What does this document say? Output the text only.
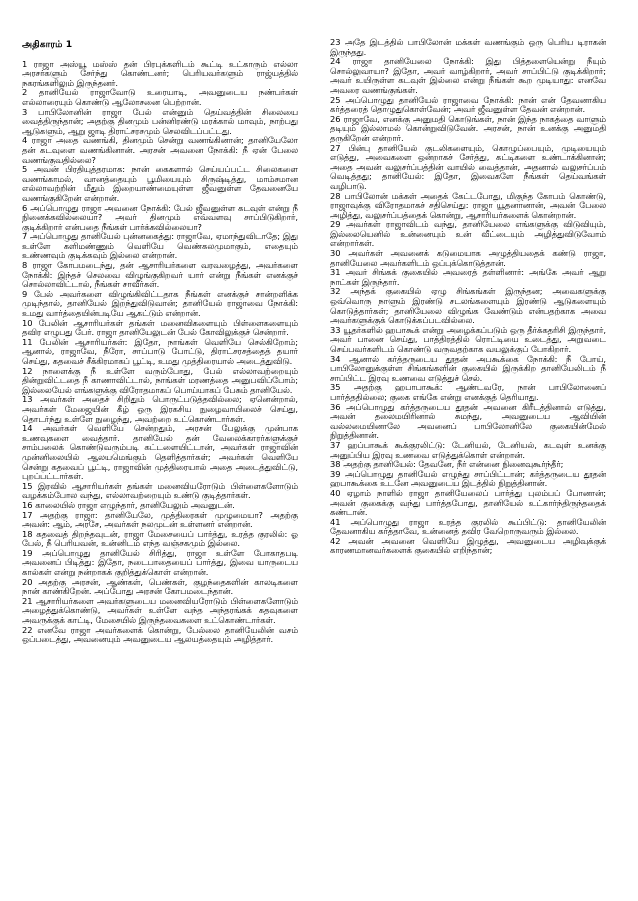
அதிகாரம் 1

1 ராஜா அஸ்யூ மஸ்ஸ் தன் பிரபுக்களிடம் கூட்டி உட்காரும் எல்லா அரசர்களும் சேர்ந்து கொண்டனர்; பெரியவர்களும் ராஜ்யத்தில் நகரங்களிலும் இருந்தனர்.

2 தானியேல் ராஜாவோடு உரையாடி, அவனுடைய நண்பர்கள் எல்லாரையும் கொண்டு ஆலோசனை பெற்றான்.

3 பாபிலோனின் ராஜா பேல் என்னும் தெய்வத்தின் சிலையை வைத்திருந்தான்; அதற்கு தினமும் பன்னிரண்டு மரக்கால் மாவும், நாற்பது ஆடுகளும், ஆறு ஜாடி திராட்சரசமும் செலவிடப்பட்டது.

4 ராஜா அதை வணங்கி, தினமும் சென்று வணங்கினான்; தானியேலோ தன் கடவுளை வணங்கினான். அரசன் அவனை நோக்கி: நீ ஏன் பேலை வணங்குவதில்லை?

5 அவன் பிரதியுத்தரமாக: நான் கைகளால் செய்யப்பட்ட சிலைகளை வணங்காமல், வானத்தையும் பூமியையும் சிருஷ்டித்து, மாம்சமான எல்லாவற்றின் மீதும் இறையாண்மையுள்ள ஜீவனுள்ள தேவனையே வணங்குகிறேன் என்றான்.

6 அப்பொழுது ராஜா அவனை நோக்கி: பேல் ஜீவனுள்ள கடவுள் என்று நீ நினைக்கவில்லையா? அவர் தினமும் எவ்வளவு சாப்பிடுகிறார், குடிக்கிறார் என்பதை நீங்கள் பார்க்கவில்லையா?

7 அப்பொழுது தானியேல் புன்னகைத்து: ராஜாவே, ஏமாந்துவிடாதே; இது உள்ளே களிமண்ணும் வெளியே வெண்கலமுமாகும், எதையும் உண்ணவும் குடிக்கவும் இல்லை என்றான்.

8 ராஜா கோபமடைந்து, தன் ஆசாரியர்களை வரவழைத்து, அவர்களை நோக்கி: இந்தச் செலவை விழுங்குகிறவர் யார் என்று நீங்கள் எனக்குச் சொல்லாவிட்டால், நீங்கள் சாவீர்கள்.

9 பேல் அவர்களை விழுங்கிவிட்டதாக நீங்கள் எனக்குச் சான்றளிக்க முடிந்தால், தானியேல் இறந்துவிடுவான்; தானியேல் ராஜாவை நோக்கி: உமது வார்த்தையின்படியே ஆகட்டும் என்றான்.

10 பேலின் ஆசாரியர்கள் தங்கள் மனைவிகளையும் பிள்ளைகளையும் தவிர எழுபது பேர். ராஜா தானியேலுடன் பேல் கோவிலுக்குச் சென்றார்.

11 பேலின் ஆசாரியர்கள்: இதோ, நாங்கள் வெளியே செல்கிறோம்; ஆனால், ராஜாவே, நீரோ, சாப்பாடு போட்டு, திராட்சரசத்தைத் தயார் செய்து, கதவைச் சீக்கிரமாகப் பூட்டி, உமது முத்திரையால் அடைத்துவிடு.

12 நாளைக்கு நீ உள்ளே வரும்போது, பேல் எல்லாவற்றையும் தின்றுவிட்டதை நீ காணாவிட்டால், நாங்கள் மரணத்தை அனுபவிப்போம்; இல்லையேல் எங்களுக்கு விரோதமாகப் பொய்யாகப் பேசும் தானியேல்.

13 அவர்கள் அதைச் சிறிதும் பொருட்படுத்தவில்லை; ஏனென்றால், அவர்கள் மேஜையின் கீழ் ஒரு இரகசிய நுழைவாயிலைச் செய்து, தொடர்ந்து உள்ளே நுழைந்து, அவற்றை உட்கொண்டார்கள்.

14 அவர்கள் வெளியே சென்றதும், அரசன் பேலுக்கு முன்பாக உணவுகளை வைத்தார். தானியேல் தன் வேலைக்காரர்களுக்குச் சாம்பலைக் கொண்டுவரும்படி கட்டளையிட்டான், அவர்கள் ராஜாவின் முன்னிலையில் ஆலயமெங்கும் தெளித்தார்கள்; அவர்கள் வெளியே சென்று கதவைப் பூட்டி, ராஜாவின் முத்திரையால் அதை அடைத்துவிட்டு, புறப்பட்டார்கள்.

15 இரவில் ஆசாரியர்கள் தங்கள் மனைவியரோடும் பிள்ளைகளோடும் வழக்கம்போல வந்து, எல்லாவற்றையும் உண்டு குடித்தார்கள்.

16 காலையில் ராஜா எழுந்தார், தானியேலும் அவனுடன்.

17 அதற்கு ராஜா: தானியேலே, முத்திரைகள் முழுமையா? அதற்கு அவன்: ஆம், அரசே, அவர்கள் நலமுடன் உள்ளனர் என்றான்.

18 கதவைத் திறந்தவுடன், ராஜா மேசையைப் பார்த்து, உரத்த குரலில்: ஓ பேல், நீ பெரியவன், உன்னிடம் எந்த வஞ்சகமும் இல்லை.

19 அப்பொழுது தானியேல் சிரித்து, ராஜா உள்ளே போகாதபடி அவனைப் பிடித்து: இதோ, நடைபாதையைப் பார்த்து, இவை யாருடைய கால்கள் என்று நன்றாகக் குறித்துக்கொள் என்றான்.

20 அதற்கு அரசன், ஆண்கள், பெண்கள், குழந்தைகளின் காலடிகளை நான் காண்கிறேன். அப்போது அரசன் கோபமடைந்தான்.

21 ஆசாரியர்களை அவர்களுடைய மனைவியரோடும் பிள்ளைகளோடும் அழைத்துக்கொண்டு, அவர்கள் உள்ளே வந்த அந்தரங்கக் கதவுகளை அவருக்குக் காட்டி, மேசையில் இருந்தவைகளை உட்கொண்டார்கள்.

22 எனவே ராஜா அவர்களைக் கொன்று, பேல்லை தானியேலின் வசம் ஒப்படைத்து, அவனையும் அவனுடைய ஆலயத்தையும் அழித்தார்.

23 அதே இடத்தில் பாபிலோன் மக்கள் வணங்கும் ஒரு பெரிய டிராகன் இருந்தது.

24 ராஜா தானியேலை நோக்கி: இது பித்தளையென்று நீயும் சொல்லுவாயா? இதோ, அவர் வாழ்கிறார், அவர் சாப்பிட்டு குடிக்கிறார்; அவர் உயிருள்ள கடவுள் இல்லை என்று நீங்கள் கூற முடியாது: எனவே அவரை வணங்குங்கள்.

25 அப்பொழுது தானியேல் ராஜாவை நோக்கி: நான் என் தேவனாகிய கர்த்தரைத் தொழுதுகொள்வேன்; அவர் ஜீவனுள்ள தேவன் என்றான்.

26 ராஜாவே, எனக்கு அனுமதி கொடுங்கள், நான் இந்த நாகத்தை வாளும் தடியும் இல்லாமல் கொன்றுவிடுவேன். அரசன், நான் உனக்கு அனுமதி தருகிறேன் என்றார்.

27 பின்பு தானியேல் குடலிகளையும், கொழுப்பையும், முடியையும் எடுத்து, அவைகளை ஒன்றாகச் சேர்த்து, கட்டிகளை உண்டாக்கினான்; அதை அவன் வலுசர்ப்பத்தின் வாயில் வைத்தான், அதனால் வலுசர்ப்பம் வெடித்தது; தானியேல்: இதோ, இவைகளே நீங்கள் தெய்வங்கள் வழிபாடு.

28 பாபிலோன் மக்கள் அதைக் கேட்டபோது, மிகுந்த கோபம் கொண்டு, ராஜாவுக்கு விரோதமாகச் சதிசெய்து: ராஜா யூதனானான், அவன் பேலை அழித்து, வலுசர்ப்பத்தைக் கொன்று, ஆசாரியர்களைக் கொன்றான்.

29 அவர்கள் ராஜாவிடம் வந்து, தானியேலை எங்களுக்கு விடுவியும், இல்லையெனில் உன்னையும் உன் வீட்டையும் அழித்துவிடுவோம் என்றார்கள்.

30 அவர்கள் அவனைக் கடுமையாக அழுத்தியதைக் கண்டு ராஜா, தானியேலை அவர்களிடம் ஒப்புக்கொடுத்தான்.

31 அவர் சிங்கக் குகையில் அவரைத் தள்ளினார்: அங்கே அவர் ஆறு நாட்கள் இருந்தார்.

32 அந்தக் குகையில் ஏழு சிங்கங்கள் இருந்தன; அவைகளுக்கு ஒவ்வொரு நாளும் இரண்டு சடலங்களையும் இரண்டு ஆடுகளையும் கொடுத்தார்கள்; தானியேலை விழுங்க வேண்டும் என்பதற்காக அவை அவர்களுக்குக் கொடுக்கப்படவில்லை.

33 யூதர்களில் ஹபாகூக் என்று அழைக்கப்படும் ஒரு தீர்க்கதரிசி இருந்தார், அவர் பானை செய்து, பாத்திரத்தில் ரொட்டியை உடைத்து, அறுவடை செய்பவர்களிடம் கொண்டு வருவதற்காக வயலுக்குப் போகிறார்.

34 ஆனால் கர்த்தருடைய தூதன் அபகூக்கை நோக்கி: நீ போய், பாபிலோனுக்குள்ள சிங்கங்களின் குகையில் இருக்கிற தானியேலிடம் நீ சாப்பிட்ட இரவு உணவை எடுத்துச் செல்.

35 அதற்கு ஹபாபாகூக்: ஆண்டவரே, நான் பாபிலோனைப் பார்த்ததில்லை; குகை எங்கே என்று எனக்குத் தெரியாது.

36 அப்பொழுது கர்த்தருடைய தூதன் அவனை கிரீடத்தினால் எடுத்து, அவன் தலைமயிரினால் சுமந்து, அவனுடைய ஆவியின் வல்லமையினாலே அவனைப் பாபிலோனிலே குகையின்மேல் நிறுத்தினான்.

37 ஹப்பாகூக் கூக்குரலிட்டு: டேனியல், டேனியல், கடவுள் உனக்கு அனுப்பிய இரவு உணவை எடுத்துக்கொள் என்றான்.

38 அதற்கு தானியேல்: தேவனே, நீர் என்னை நினைவுகூர்ந்தீர்;

39 அப்பொழுது தானியேல் எழுந்து சாப்பிட்டான்; கர்த்தருடைய தூதன் ஹபாகூக்கை உடனே அவனுடைய இடத்தில் நிறுத்தினான்.

40 ஏழாம் நாளில் ராஜா தானியேலைப் பார்த்து புலம்பப் போனான்; அவன் குகைக்கு வந்து பார்த்தபோது, தானியேல் உட்கார்ந்திருந்ததைக் கண்டான்.

41 அப்பொழுது ராஜா உரத்த குரலில் கூப்பிட்டு: தானியேலின் தேவனாகிய கர்த்தாவே, உன்னைத் தவிர வேறொருவரும் இல்லை.

42 அவன் அவனை வெளியே இழுத்து, அவனுடைய அழிவுக்குக் காரணமானவர்களைக் குகையில் எறிந்தான்;
